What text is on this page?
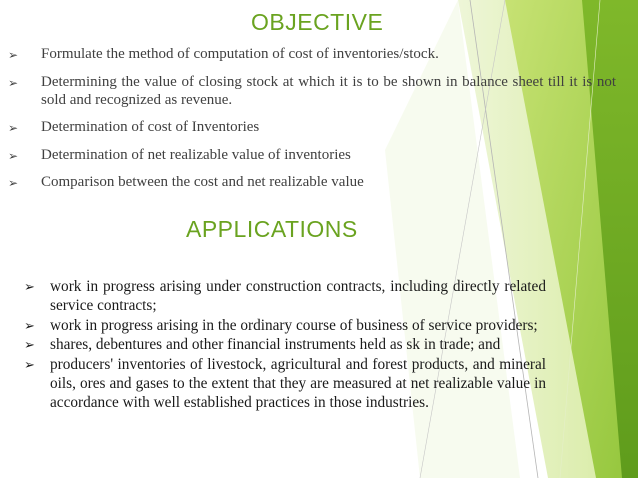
OBJECTIVE
➢ Formulate the method of computation of cost of inventories/stock.
➢ Determining the value of closing stock at which it is to be shown in balance sheet till it is not sold and recognized as revenue.
➢ Determination of cost of Inventories
➢ Determination of net realizable value of inventories
➢ Comparison between the cost and net realizable value
APPLICATIONS
➢ work in progress arising under construction contracts, including directly related service contracts;
➢ work in progress arising in the ordinary course of business of service providers;
➢ shares, debentures and other financial instruments held as sk in trade; and
➢ producers' inventories of livestock, agricultural and forest products, and mineral oils, ores and gases to the extent that they are measured at net realizable value in accordance with well established practices in those industries.
